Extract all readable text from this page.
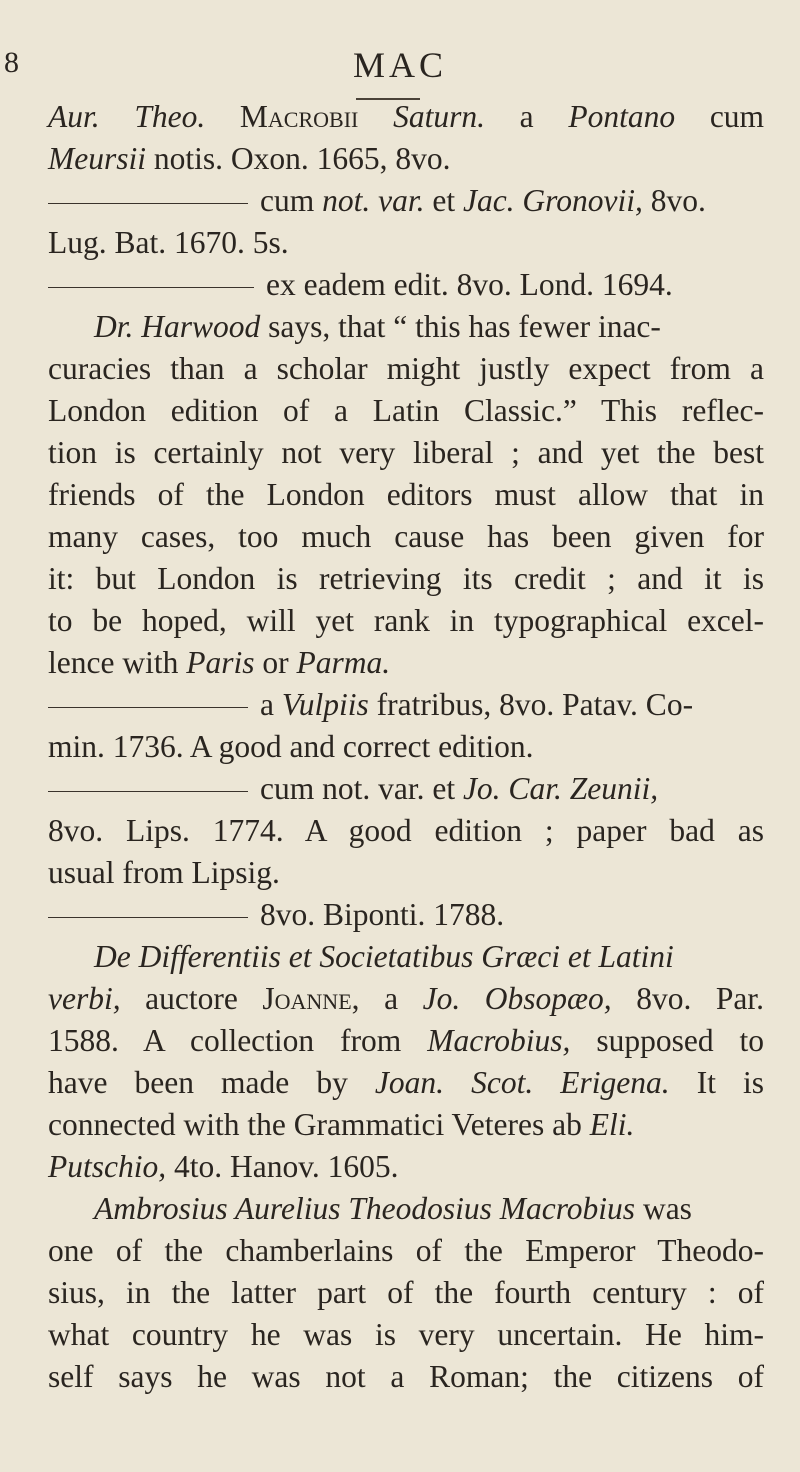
8	MAC
Aur. Theo. Macrobii Saturn. a Pontano cum
Meursii notis. Oxon. 1665, 8vo.
cum not. var. et Jac. Gronovii, 8vo.
Lug. Bat. 1670. 5s.
ex eadem edit. 8vo. Lond. 1694.
Dr. Harwood says, that “ this has fewer inac-
curacies than a scholar might justly expect from a
London edition of a Latin Classic.” This reflec-
tion is certainly not very liberal ; and yet the best
friends of the London editors must allow that in
many cases, too much cause has been given for
it: but London is retrieving its credit ; and it is
to be hoped, will yet rank in typographical excel-
lence with Paris or Parma.
a Vulpiis fratribus, 8vo. Patav. Co-
min. 1736. A good and correct edition.
cum not. var. et Jo. Car. Zeunii,
8vo. Lips. 1774. A good edition ; paper bad as
usual from Lipsig.
8vo. Biponti. 1788.
De Differentiis et Societatibus Græci et Latini
verbi, auctore Joanne, a Jo. Obsopæo, 8vo. Par.
1588. A collection from Macrobius, supposed to
have been made by Joan. Scot. Erigena. It is
connected with the Grammatici Veteres ab Eli.
Putschio, 4to. Hanov. 1605.
Ambrosius Aurelius Theodosius Macrobius was
one of the chamberlains of the Emperor Theodo-
sius, in the latter part of the fourth century : of
what country he was is very uncertain. He him-
self says he was not a Roman; the citizens of
